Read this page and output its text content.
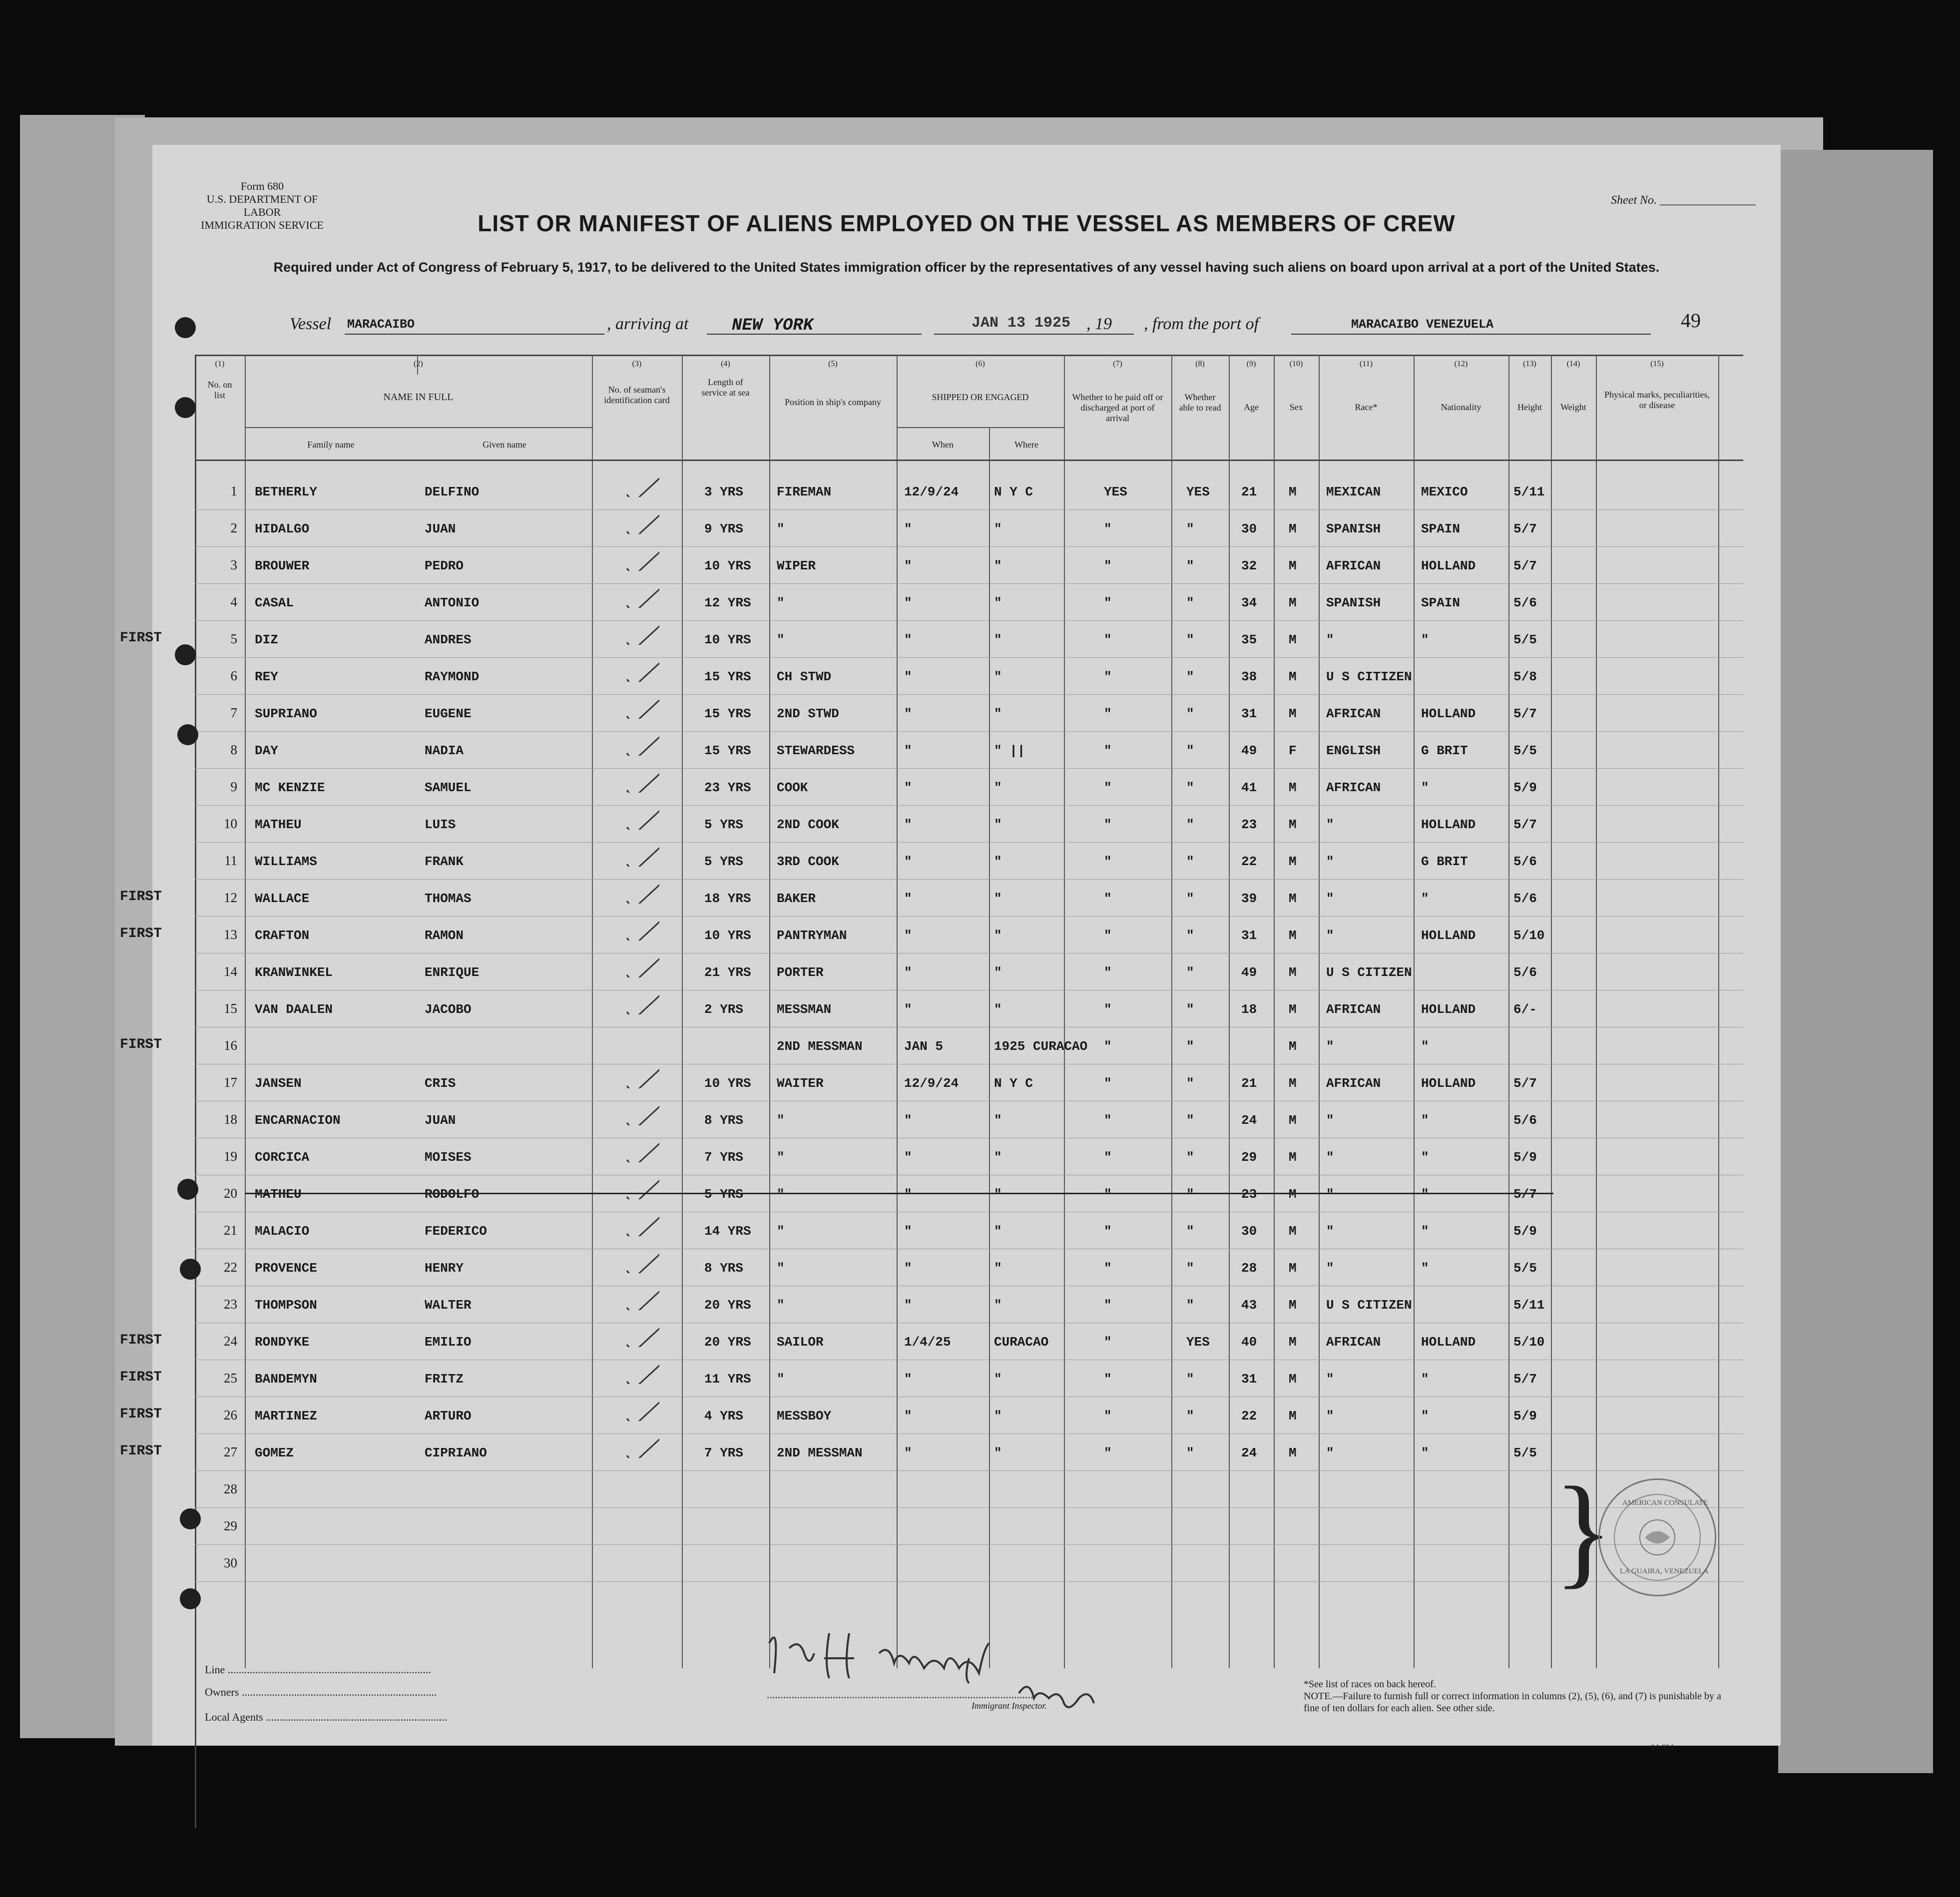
Form 680
U.S. DEPARTMENT OF LABOR
IMMIGRATION SERVICE
Sheet No. ________________
LIST OR MANIFEST OF ALIENS EMPLOYED ON THE VESSEL AS MEMBERS OF CREW
Required under Act of Congress of February 5, 1917, to be delivered to the United States immigration officer by the representatives of any vessel having such aliens on board upon arrival at a port of the United States.
Vessel MARACAIBO	, arriving at	NEW YORK	JAN 13 1925 , 19 , from the port of	MARACAIBO VENEZUELA	49
(1)	(2)	(3)	(4)	(5)	(6)	(7)	(8)	(9)	(10)	(11)	(12)	(13)	(14)	(15)
No. on list	NAME IN FULL
Family name	Given name
No. of seaman's identification card
Length of service at sea
Position in ship's company	SHIPPED OR ENGAGED
When	Where
Whether to be paid off or discharged at port of arrival
Whether able to read	Age	Sex	Race*	Nationality	Height	Weight
Physical marks, peculiarities, or disease
1 BETHERLY	DELFINO	3 YRS	FIREMAN	12/9/24	N Y C	YES	YES 21 M MEXICAN	MEXICO	5/11
2 HIDALGO	JUAN	9 YRS	"	"	"	"	"	30 M SPANISH	SPAIN	5/7
3 BROUWER	PEDRO	10 YRS WIPER	"	"	"	"	32 M AFRICAN	HOLLAND	5/7
4 CASAL	ANTONIO	12 YRS "	"	"	"	"	34 M SPANISH	SPAIN	5/6
5
FIRST	DIZ	ANDRES	10 YRS "	"	"	"	"	35 M "	"	5/5
6 REY	RAYMOND	15 YRS CH STWD	"	"	"	"	38 M U S CITIZEN	5/8
7 SUPRIANO	EUGENE	15 YRS 2ND STWD	"	"	"	"	31 M AFRICAN	HOLLAND	5/7
8 DAY	NADIA	15 YRS STEWARDESS	"	" ||	"	"	49 F ENGLISH	G BRIT	5/5
9 MC KENZIE	SAMUEL	23 YRS COOK	"	"	"	"	41 M AFRICAN	"	5/9
10 MATHEU	LUIS	5 YRS	2ND COOK	"	"	"	"	23 M "	HOLLAND	5/7
11 WILLIAMS	FRANK	5 YRS	3RD COOK	"	"	"	"	22 M "	G BRIT	5/6
12
FIRST	WALLACE	THOMAS	18 YRS BAKER	"	"	"	"	39 M "	"	5/6
13
FIRST	CRAFTON	RAMON	10 YRS PANTRYMAN	"	"	"	"	31 M "	HOLLAND	5/10
14 KRANWINKEL	ENRIQUE	21 YRS PORTER	"	"	"	"	49 M U S CITIZEN	5/6
15 VAN DAALEN	JACOBO	2 YRS	MESSMAN	"	"	"	"	18 M AFRICAN	HOLLAND	6/-
16
FIRST	2ND MESSMAN	JAN 5	1925 CURACAO "	"	M "	"
17 JANSEN	CRIS	10 YRS WAITER	12/9/24	N Y C	"	"	21 M AFRICAN	HOLLAND	5/7
18 ENCARNACION	JUAN	8 YRS	"	"	"	"	"	24 M "	"	5/6
19 CORCICA	MOISES	7 YRS	"	"	"	"	"	29 M "	"	5/9
20 MATHEU	RODOLFO	5 YRS	"	"	"	"	"	23 M "	"	5/7
21 MALACIO	FEDERICO	14 YRS "	"	"	"	"	30 M "	"	5/9
22 PROVENCE	HENRY	8 YRS	"	"	"	"	"	28 M "	"	5/5
23 THOMPSON	WALTER	20 YRS "	"	"	"	"	43 M U S CITIZEN	5/11
24
FIRST	RONDYKE	EMILIO	20 YRS SAILOR	1/4/25	CURACAO	"	YES 40 M AFRICAN	HOLLAND	5/10
25
FIRST	BANDEMYN	FRITZ	11 YRS "	"	"	"	"	31 M "	"	5/7
26
FIRST	MARTINEZ	ARTURO	4 YRS	MESSBOY	"	"	"	"	22 M "	"	5/9
27
FIRST	GOMEZ	CIPRIANO	7 YRS	2ND MESSMAN	"	"	"	"	24 M "	"	5/5
28
29
30	} AMERICAN CONSULATE
LA GUAIRA, VENEZUELA
Line ..........................................................................
Owners .......................................................................
Local Agents ..................................................................
..................................................................................................
Immigrant Inspector.
*See list of races on back hereof.
NOTE.—Failure to furnish full or correct information in columns (2), (5), (6), and (7) is punishable by a fine of ten dollars for each alien. See other side.
14-604
